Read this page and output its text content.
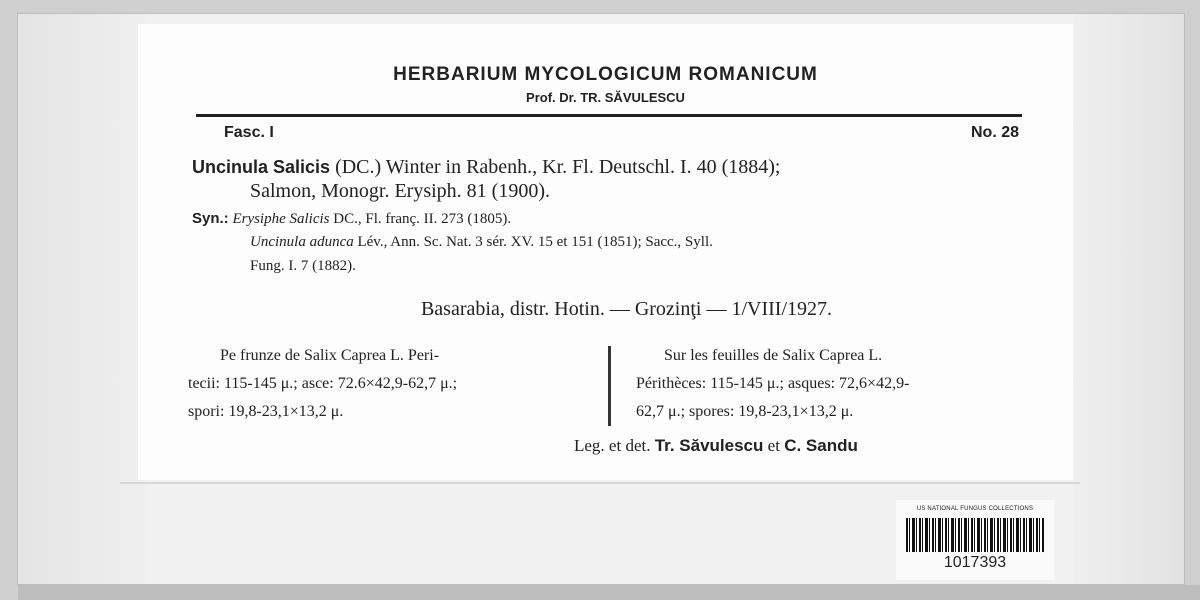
HERBARIUM MYCOLOGICUM ROMANICUM
Prof. Dr. TR. SĂVULESCU
Fasc. I	No. 28
Uncinula Salicis (DC.) Winter in Rabenh., Kr. Fl. Deutschl. I. 40 (1884);
Salmon, Monogr. Erysiph. 81 (1900).
Syn.: Erysiphe Salicis DC., Fl. franç. II. 273 (1805).
Uncinula adunca Lév., Ann. Sc. Nat. 3 sér. XV. 15 et 151 (1851); Sacc., Syll.
Fung. I. 7 (1882).
Basarabia, distr. Hotin. — Grozinţi — 1/VIII/1927.
Pe frunze de Salix Caprea L. Peri-
tecii: 115-145 μ.; asce: 72.6×42,9-62,7 μ.;
spori: 19,8-23,1×13,2 μ.
Sur les feuilles de Salix Caprea L.
Périthèces: 115-145 μ.; asques: 72,6×42,9-
62,7 μ.; spores: 19,8-23,1×13,2 μ.
Leg. et det. Tr. Săvulescu et C. Sandu
US NATIONAL FUNGUS COLLECTIONS
1017393
